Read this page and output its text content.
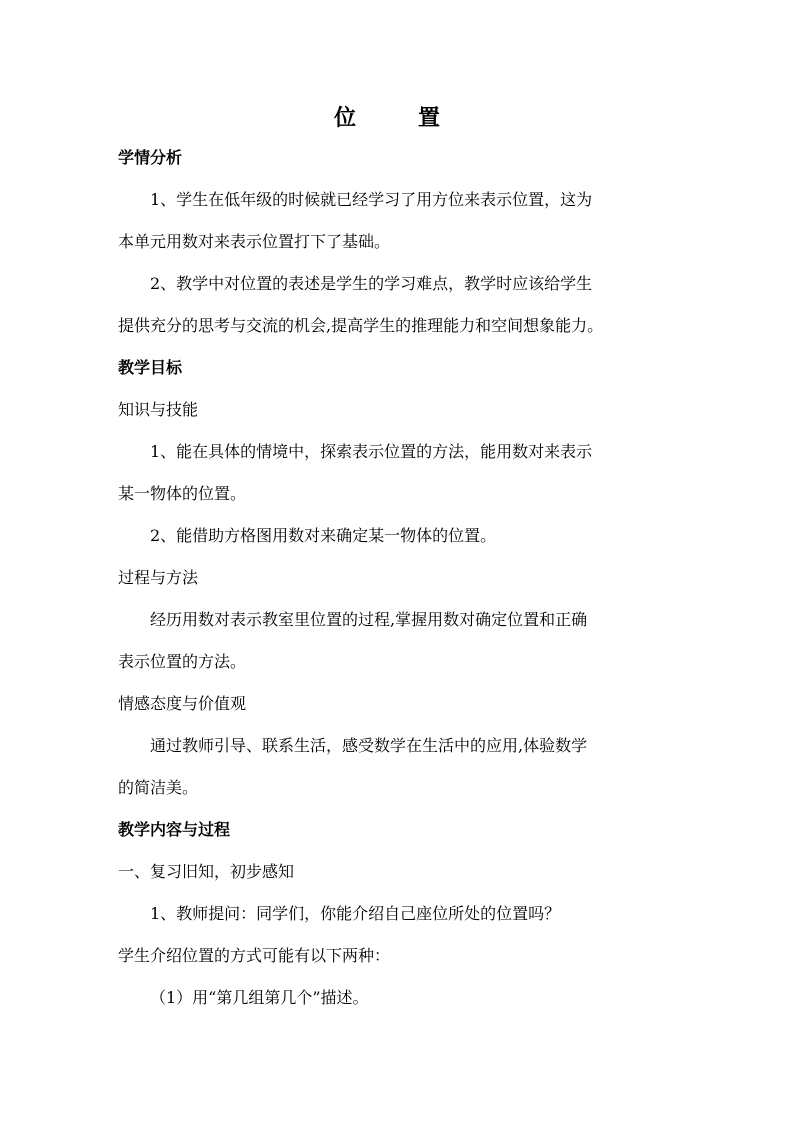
位　置
学情分析
1、学生在低年级的时候就已经学习了用方位来表示位置，这为
本单元用数对来表示位置打下了基础。
2、教学中对位置的表述是学生的学习难点，教学时应该给学生
提供充分的思考与交流的机会,提高学生的推理能力和空间想象能力。
教学目标
知识与技能
1、能在具体的情境中，探索表示位置的方法，能用数对来表示
某一物体的位置。
2、能借助方格图用数对来确定某一物体的位置。
过程与方法
经历用数对表示教室里位置的过程,掌握用数对确定位置和正确
表示位置的方法。
情感态度与价值观
通过教师引导、联系生活，感受数学在生活中的应用,体验数学
的简洁美。
教学内容与过程
一、复习旧知，初步感知
1、教师提问：同学们，你能介绍自己座位所处的位置吗？
学生介绍位置的方式可能有以下两种：
（1）用“第几组第几个”描述。
